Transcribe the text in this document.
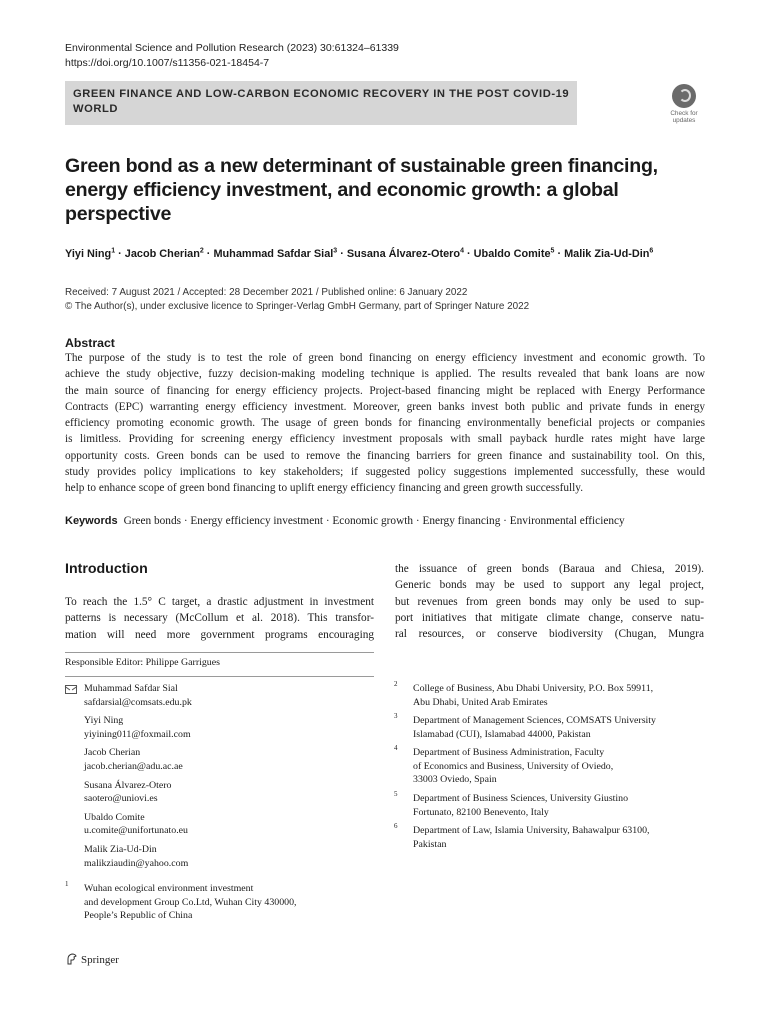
Environmental Science and Pollution Research (2023) 30:61324–61339
https://doi.org/10.1007/s11356-021-18454-7
GREEN FINANCE AND LOW-CARBON ECONOMIC RECOVERY IN THE POST COVID-19
WORLD	Check for
updates
Green bond as a new determinant of sustainable green financing,
energy efficiency investment, and economic growth: a global
perspective
Yiyi Ning$^1$ · Jacob Cherian$^2$ · Muhammad Safdar Sial$^3$ · Susana Álvarez-Otero$^4$ · Ubaldo Comite$^5$ · Malik Zia-Ud-Din$^6$
Received: 7 August 2021 / Accepted: 28 December 2021 / Published online: 6 January 2022
© The Author(s), under exclusive licence to Springer-Verlag GmbH Germany, part of Springer Nature 2022
Abstract
The purpose of the study is to test the role of green bond financing on energy efficiency investment and economic growth. To
achieve the study objective, fuzzy decision-making modeling technique is applied. The results revealed that bank loans are now
the main source of financing for energy efficiency projects. Project-based financing might be replaced with Energy Performance
Contracts (EPC) warranting energy efficiency investment. Moreover, green banks invest both public and private funds in energy
efficiency promoting economic growth. The usage of green bonds for financing environmentally beneficial projects or companies
is limitless. Providing for screening energy efficiency investment proposals with small payback hurdle rates might have large
opportunity costs. Green bonds can be used to remove the financing barriers for green finance and sustainability tool. On this,
study provides policy implications to key stakeholders; if suggested policy suggestions implemented successfully, these would
help to enhance scope of green bond financing to uplift energy efficiency financing and green growth successfully.
Keywords Green bonds · Energy efficiency investment · Economic growth · Energy financing · Environmental efficiency
Introduction
To reach the 1.5° C target, a drastic adjustment in investment
patterns is necessary (McCollum et al. 2018). This transfor-
mation will need more government programs encouraging
the issuance of green bonds (Baraua and Chiesa, 2019).
Generic bonds may be used to support any legal project,
but revenues from green bonds may only be used to sup-
port initiatives that mitigate climate change, conserve natu-
ral resources, or conserve biodiversity (Chugan, Mungra
Responsible Editor: Philippe Garrigues
Muhammad Safdar Sial
safdarsial@comsats.edu.pk
Yiyi Ning
yiyining011@foxmail.com
Jacob Cherian
jacob.cherian@adu.ac.ae
Susana Álvarez-Otero
saotero@uniovi.es
Ubaldo Comite
u.comite@unifortunato.eu
Malik Zia-Ud-Din
malikziaudin@yahoo.com
1 Wuhan ecological environment investment
and development Group Co.Ltd, Wuhan City 430000,
People’s Republic of China
2 College of Business, Abu Dhabi University, P.O. Box 59911,
Abu Dhabi, United Arab Emirates
3 Department of Management Sciences, COMSATS University
Islamabad (CUI), Islamabad 44000, Pakistan
4 Department of Business Administration, Faculty
of Economics and Business, University of Oviedo,
33003 Oviedo, Spain
5 Department of Business Sciences, University Giustino
Fortunato, 82100 Benevento, Italy
6 Department of Law, Islamia University, Bahawalpur 63100,
Pakistan
Springer
